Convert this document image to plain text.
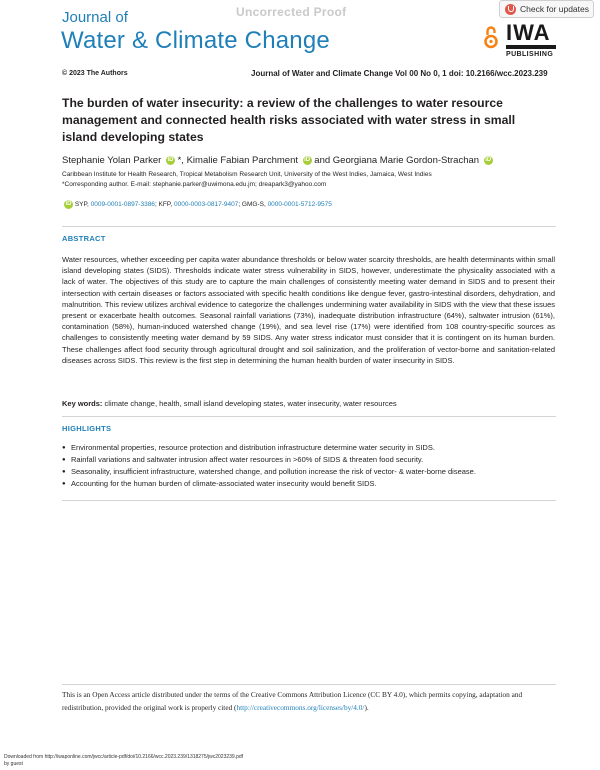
Journal of
Water & Climate Change
Uncorrected Proof	Check for updates
IWA
PUBLISHING
© 2023 The Authors	Journal of Water and Climate Change Vol 00 No 0, 1 doi: 10.2166/wcc.2023.239
The burden of water insecurity: a review of the challenges to water resource management and connected health risks associated with water stress in small island developing states
Stephanie Yolan Parker iD *, Kimalie Fabian Parchment iD and Georgiana Marie Gordon-Strachan iD
Caribbean Institute for Health Research, Tropical Metabolism Research Unit, University of the West Indies, Jamaica, West Indies
*Corresponding author. E-mail: stephanie.parker@uwimona.edu.jm; dreapark3@yahoo.com
iD SYP, 0009-0001-0897-3386; KFP, 0000-0003-0817-9407; GMG-S, 0000-0001-5712-9575
ABSTRACT
Water resources, whether exceeding per capita water abundance thresholds or below water scarcity thresholds, are health determinants within small island developing states (SIDS). Thresholds indicate water stress vulnerability in SIDS, however, underestimate the physicality associated with a lack of water. The objectives of this study are to capture the main challenges of consistently meeting water demand in SIDS and to present their intersection with certain diseases or factors associated with specific health conditions like dengue fever, gastro-intestinal disorders, dehydration, and malnutrition. This review utilizes archival evidence to categorize the challenges undermining water availability in SIDS with the view that these issues present or exacerbate health outcomes. Seasonal rainfall variations (73%), inadequate distribution infrastructure (64%), saltwater intrusion (61%), contamination (58%), human-induced watershed change (19%), and sea level rise (17%) were identified from 108 country-specific sources as challenges to consistently meeting water demand by 59 SIDS. Any water stress indicator must consider that it is contingent on its human burden. These challenges affect food security through agricultural drought and soil salinization, and the proliferation of vector-borne and sanitation-related diseases across SIDS. This review is the first step in determining the human health burden of water insecurity in SIDS.
Key words: climate change, health, small island developing states, water insecurity, water resources
HIGHLIGHTS
● Environmental properties, resource protection and distribution infrastructure determine water security in SIDS.
● Rainfall variations and saltwater intrusion affect water resources in >60% of SIDS & threaten food security.
● Seasonality, insufficient infrastructure, watershed change, and pollution increase the risk of vector- & water-borne disease.
● Accounting for the human burden of climate-associated water insecurity would benefit SIDS.
This is an Open Access article distributed under the terms of the Creative Commons Attribution Licence (CC BY 4.0), which permits copying, adaptation and redistribution, provided the original work is properly cited (http://creativecommons.org/licenses/by/4.0/).
Downloaded from http://iwaponline.com/jwcc/article-pdf/doi/10.2166/wcc.2023.239/1318275/jwc2023239.pdf
by guest
